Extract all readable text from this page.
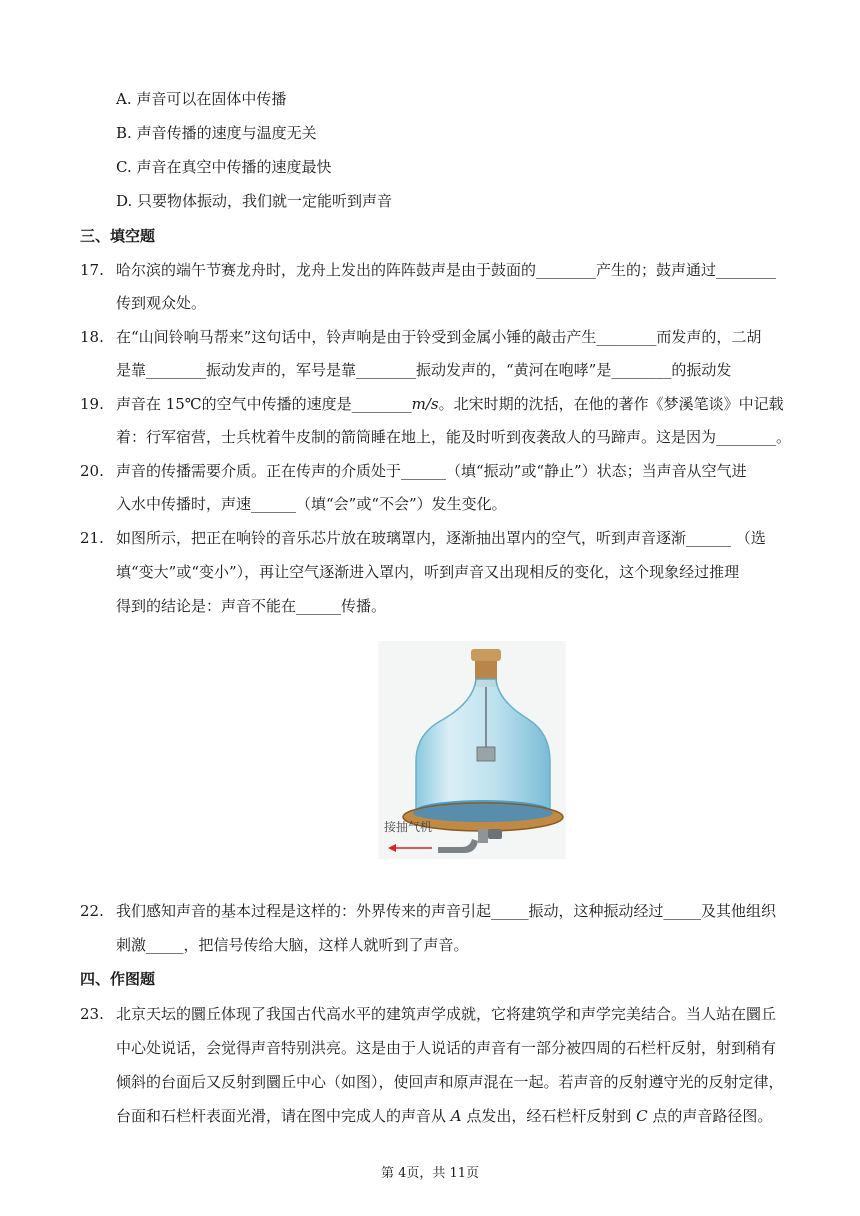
A. 声音可以在固体中传播
B. 声音传播的速度与温度无关
C. 声音在真空中传播的速度最快
D. 只要物体振动，我们就一定能听到声音
三、填空题
17. 哈尔滨的端午节赛龙舟时，龙舟上发出的阵阵鼓声是由于鼓面的________产生的；鼓声通过________
传到观众处。
18. 在“山间铃响马帮来”这句话中，铃声响是由于铃受到金属小锤的敲击产生________而发声的，二胡
是靠________振动发声的，军号是靠________振动发声的，“黄河在咆哮”是________的振动发
19. 声音在 15℃的空气中传播的速度是________m/s。北宋时期的沈括，在他的著作《梦溪笔谈》中记载
着：行军宿营，士兵枕着牛皮制的箭筒睡在地上，能及时听到夜袭敌人的马蹄声。这是因为________。
20. 声音的传播需要介质。正在传声的介质处于______（填“振动”或“静止”）状态；当声音从空气进
入水中传播时，声速______（填“会”或“不会”）发生变化。
21. 如图所示，把正在响铃的音乐芯片放在玻璃罩内，逐渐抽出罩内的空气，听到声音逐渐______ （选
填“变大”或“变小”），再让空气逐渐进入罩内，听到声音又出现相反的变化，这个现象经过推理
得到的结论是：声音不能在______传播。
接抽气机
22. 我们感知声音的基本过程是这样的：外界传来的声音引起_____振动，这种振动经过_____及其他组织
刺激_____，把信号传给大脑，这样人就听到了声音。
四、作图题
23. 北京天坛的圜丘体现了我国古代高水平的建筑声学成就，它将建筑学和声学完美结合。当人站在圜丘
中心处说话，会觉得声音特别洪亮。这是由于人说话的声音有一部分被四周的石栏杆反射，射到稍有
倾斜的台面后又反射到圜丘中心（如图），使回声和原声混在一起。若声音的反射遵守光的反射定律，
台面和石栏杆表面光滑，请在图中完成人的声音从 A 点发出，经石栏杆反射到 C 点的声音路径图。
第 4页，共 11页
